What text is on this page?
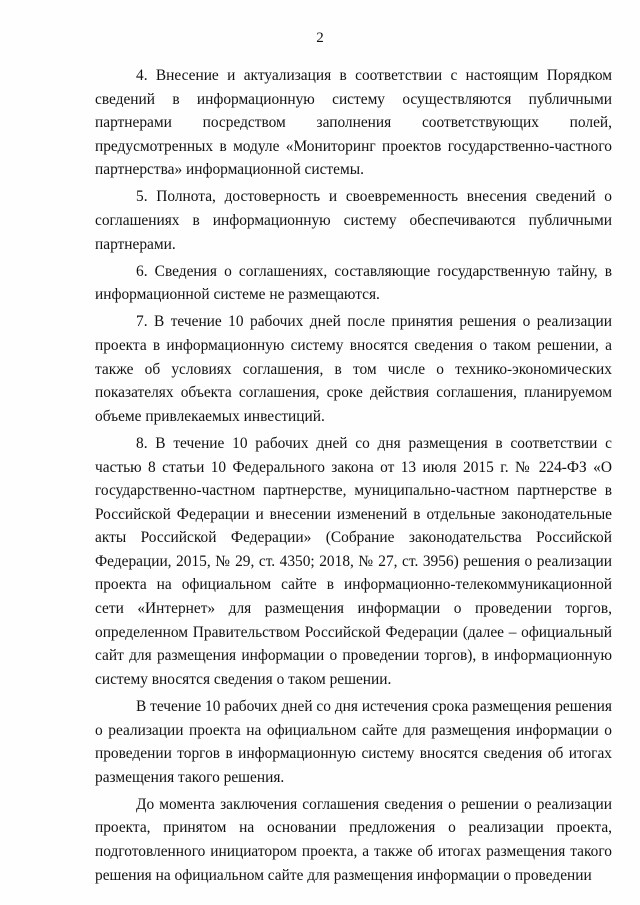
2

4. Внесение и актуализация в соответствии с настоящим Порядком сведений в информационную систему осуществляются публичными партнерами посредством заполнения соответствующих полей, предусмотренных в модуле «Мониторинг проектов государственно-частного партнерства» информационной системы.

5. Полнота, достоверность и своевременность внесения сведений о соглашениях в информационную систему обеспечиваются публичными партнерами.

6. Сведения о соглашениях, составляющие государственную тайну, в информационной системе не размещаются.

7. В течение 10 рабочих дней после принятия решения о реализации проекта в информационную систему вносятся сведения о таком решении, а также об условиях соглашения, в том числе о технико-экономических показателях объекта соглашения, сроке действия соглашения, планируемом объеме привлекаемых инвестиций.

8. В течение 10 рабочих дней со дня размещения в соответствии с частью 8 статьи 10 Федерального закона от 13 июля 2015 г. № 224-ФЗ «О государственно-частном партнерстве, муниципально-частном партнерстве в Российской Федерации и внесении изменений в отдельные законодательные акты Российской Федерации» (Собрание законодательства Российской Федерации, 2015, № 29, ст. 4350; 2018, № 27, ст. 3956) решения о реализации проекта на официальном сайте в информационно-телекоммуникационной сети «Интернет» для размещения информации о проведении торгов, определенном Правительством Российской Федерации (далее – официальный сайт для размещения информации о проведении торгов), в информационную систему вносятся сведения о таком решении.

В течение 10 рабочих дней со дня истечения срока размещения решения о реализации проекта на официальном сайте для размещения информации о проведении торгов в информационную систему вносятся сведения об итогах размещения такого решения.

До момента заключения соглашения сведения о решении о реализации проекта, принятом на основании предложения о реализации проекта, подготовленного инициатором проекта, а также об итогах размещения такого решения на официальном сайте для размещения информации о проведении
